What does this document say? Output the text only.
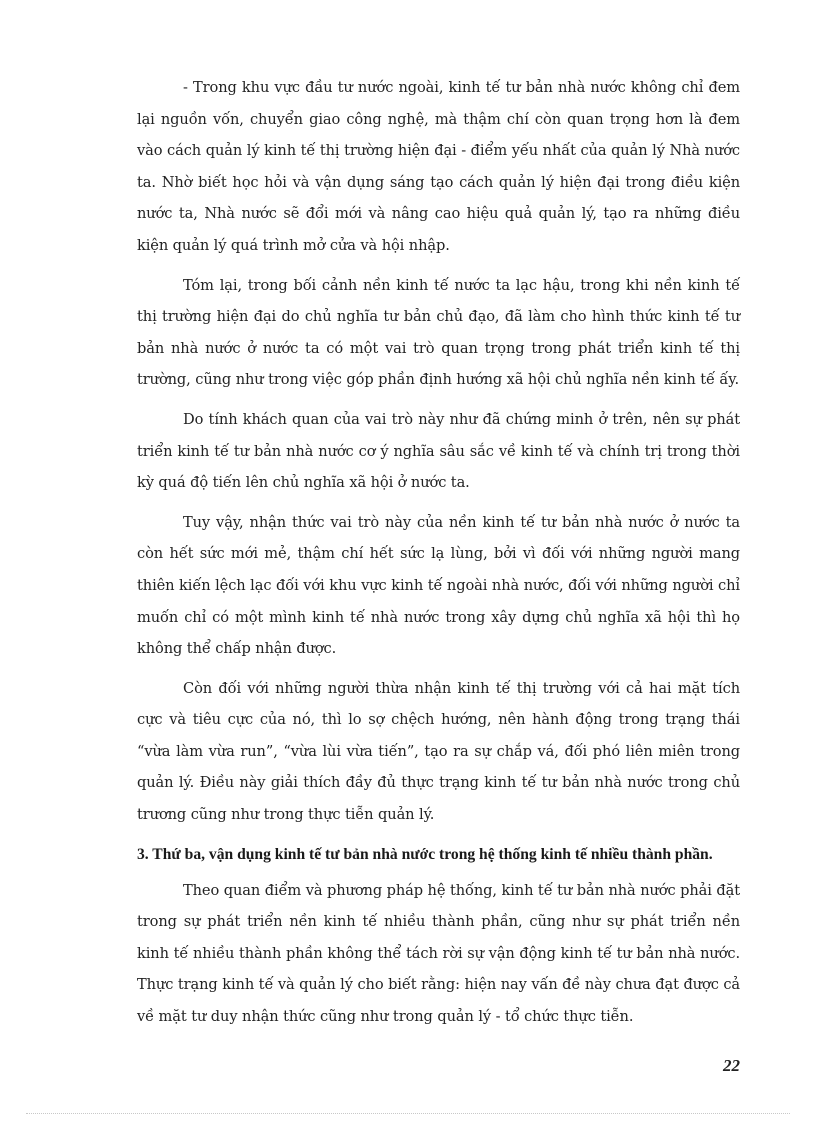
- Trong khu vực đầu tư nước ngoài, kinh tế tư bản nhà nước không chỉ đem lại nguồn vốn, chuyển giao công nghệ, mà thậm chí còn quan trọng hơn là đem vào cách quản lý kinh tế thị trường hiện đại - điểm yếu nhất của quản lý Nhà nước ta. Nhờ biết học hỏi và vận dụng sáng tạo cách quản lý hiện đại trong điều kiện nước ta, Nhà nước sẽ đổi mới và nâng cao hiệu quả quản lý, tạo ra những điều kiện quản lý quá trình mở cửa và hội nhập.

Tóm lại, trong bối cảnh nền kinh tế nước ta lạc hậu, trong khi nền kinh tế thị trường hiện đại do chủ nghĩa tư bản chủ đạo, đã làm cho hình thức kinh tế tư bản nhà nước ở nước ta có một vai trò quan trọng trong phát triển kinh tế thị trường, cũng như trong việc góp phần định hướng xã hội chủ nghĩa nền kinh tế ấy.

Do tính khách quan của vai trò này như đã chứng minh ở trên, nên sự phát triển kinh tế tư bản nhà nước cơ ý nghĩa sâu sắc về kinh tế và chính trị trong thời kỳ quá độ tiến lên chủ nghĩa xã hội ở nước ta.

Tuy vậy, nhận thức vai trò này của nền kinh tế tư bản nhà nước ở nước ta còn hết sức mới mẻ, thậm chí hết sức lạ lùng, bởi vì đối với những người mang thiên kiến lệch lạc đối với khu vực kinh tế ngoài nhà nước, đối với những người chỉ muốn chỉ có một mình kinh tế nhà nước trong xây dựng chủ nghĩa xã hội thì họ không thể chấp nhận được.

Còn đối với những người thừa nhận kinh tế thị trường với cả hai mặt tích cực và tiêu cực của nó, thì lo sợ chệch hướng, nên hành động trong trạng thái “vừa làm vừa run”, “vừa lùi vừa tiến”, tạo ra sự chắp vá, đối phó liên miên trong quản lý. Điều này giải thích đầy đủ thực trạng kinh tế tư bản nhà nước trong chủ trương cũng như trong thực tiễn quản lý.

3. Thứ ba, vận dụng kinh tế tư bản nhà nước trong hệ thống kinh tế nhiều thành phần.

Theo quan điểm và phương pháp hệ thống, kinh tế tư bản nhà nước phải đặt trong sự phát triển nền kinh tế nhiều thành phần, cũng như sự phát triển nền kinh tế nhiều thành phần không thể tách rời sự vận động kinh tế tư bản nhà nước. Thực trạng kinh tế và quản lý cho biết rằng: hiện nay vấn đề này chưa đạt được cả về mặt tư duy nhận thức cũng như trong quản lý - tổ chức thực tiễn.

22
